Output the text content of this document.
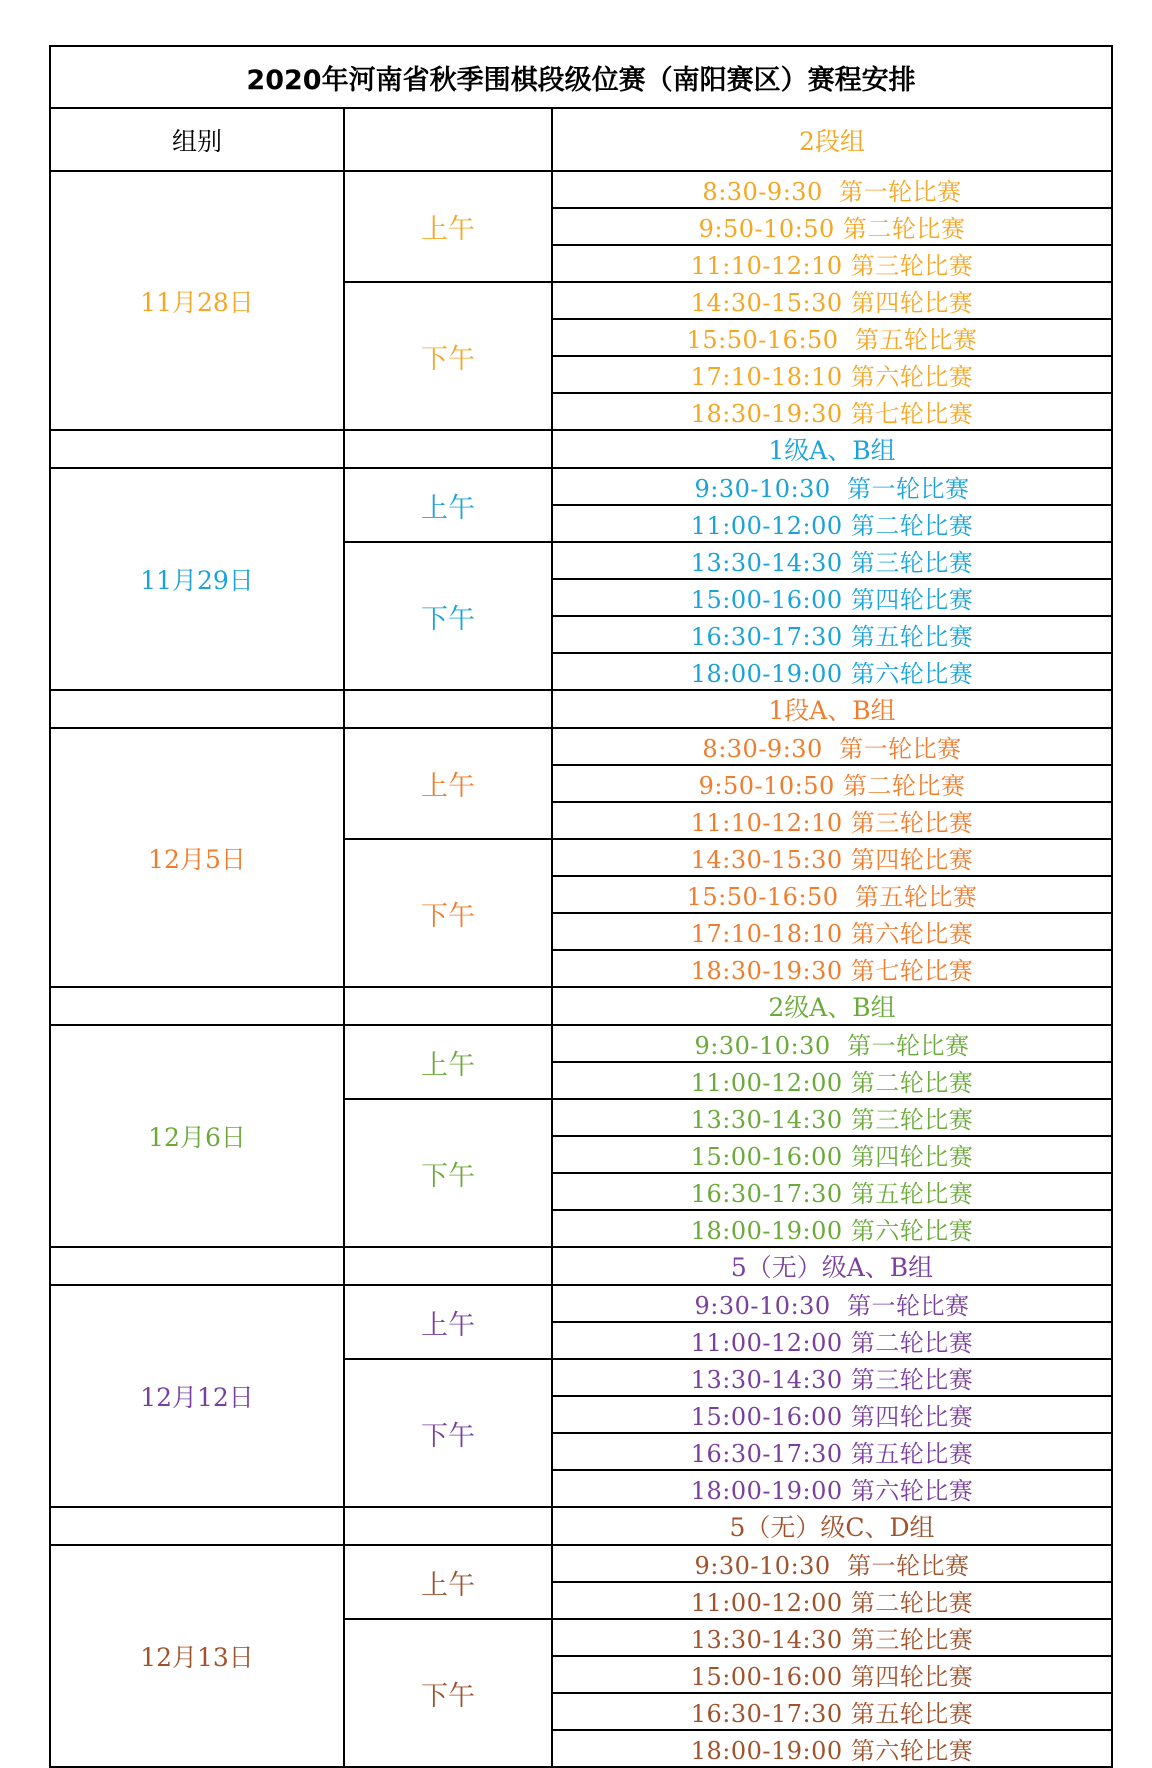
2020年河南省秋季围棋段级位赛（南阳赛区）赛程安排		
组别		2段组
11月28日	上午	8:30-9:30  第一轮比赛
		9:50-10:50 第二轮比赛
		11:10-12:10 第三轮比赛
	下午	14:30-15:30 第四轮比赛
		15:50-16:50  第五轮比赛
		17:10-18:10 第六轮比赛
		18:30-19:30 第七轮比赛
		1级A、B组
11月29日	上午	9:30-10:30  第一轮比赛
		11:00-12:00 第二轮比赛
	下午	13:30-14:30 第三轮比赛
		15:00-16:00 第四轮比赛
		16:30-17:30 第五轮比赛
		18:00-19:00 第六轮比赛
		1段A、B组
12月5日	上午	8:30-9:30  第一轮比赛
		9:50-10:50 第二轮比赛
		11:10-12:10 第三轮比赛
	下午	14:30-15:30 第四轮比赛
		15:50-16:50  第五轮比赛
		17:10-18:10 第六轮比赛
		18:30-19:30 第七轮比赛
		2级A、B组
12月6日	上午	9:30-10:30  第一轮比赛
		11:00-12:00 第二轮比赛
	下午	13:30-14:30 第三轮比赛
		15:00-16:00 第四轮比赛
		16:30-17:30 第五轮比赛
		18:00-19:00 第六轮比赛
		5（无）级A、B组
12月12日	上午	9:30-10:30  第一轮比赛
		11:00-12:00 第二轮比赛
	下午	13:30-14:30 第三轮比赛
		15:00-16:00 第四轮比赛
		16:30-17:30 第五轮比赛
		18:00-19:00 第六轮比赛
		5（无）级C、D组
12月13日	上午	9:30-10:30  第一轮比赛
		11:00-12:00 第二轮比赛
	下午	13:30-14:30 第三轮比赛
		15:00-16:00 第四轮比赛
		16:30-17:30 第五轮比赛
		18:00-19:00 第六轮比赛
